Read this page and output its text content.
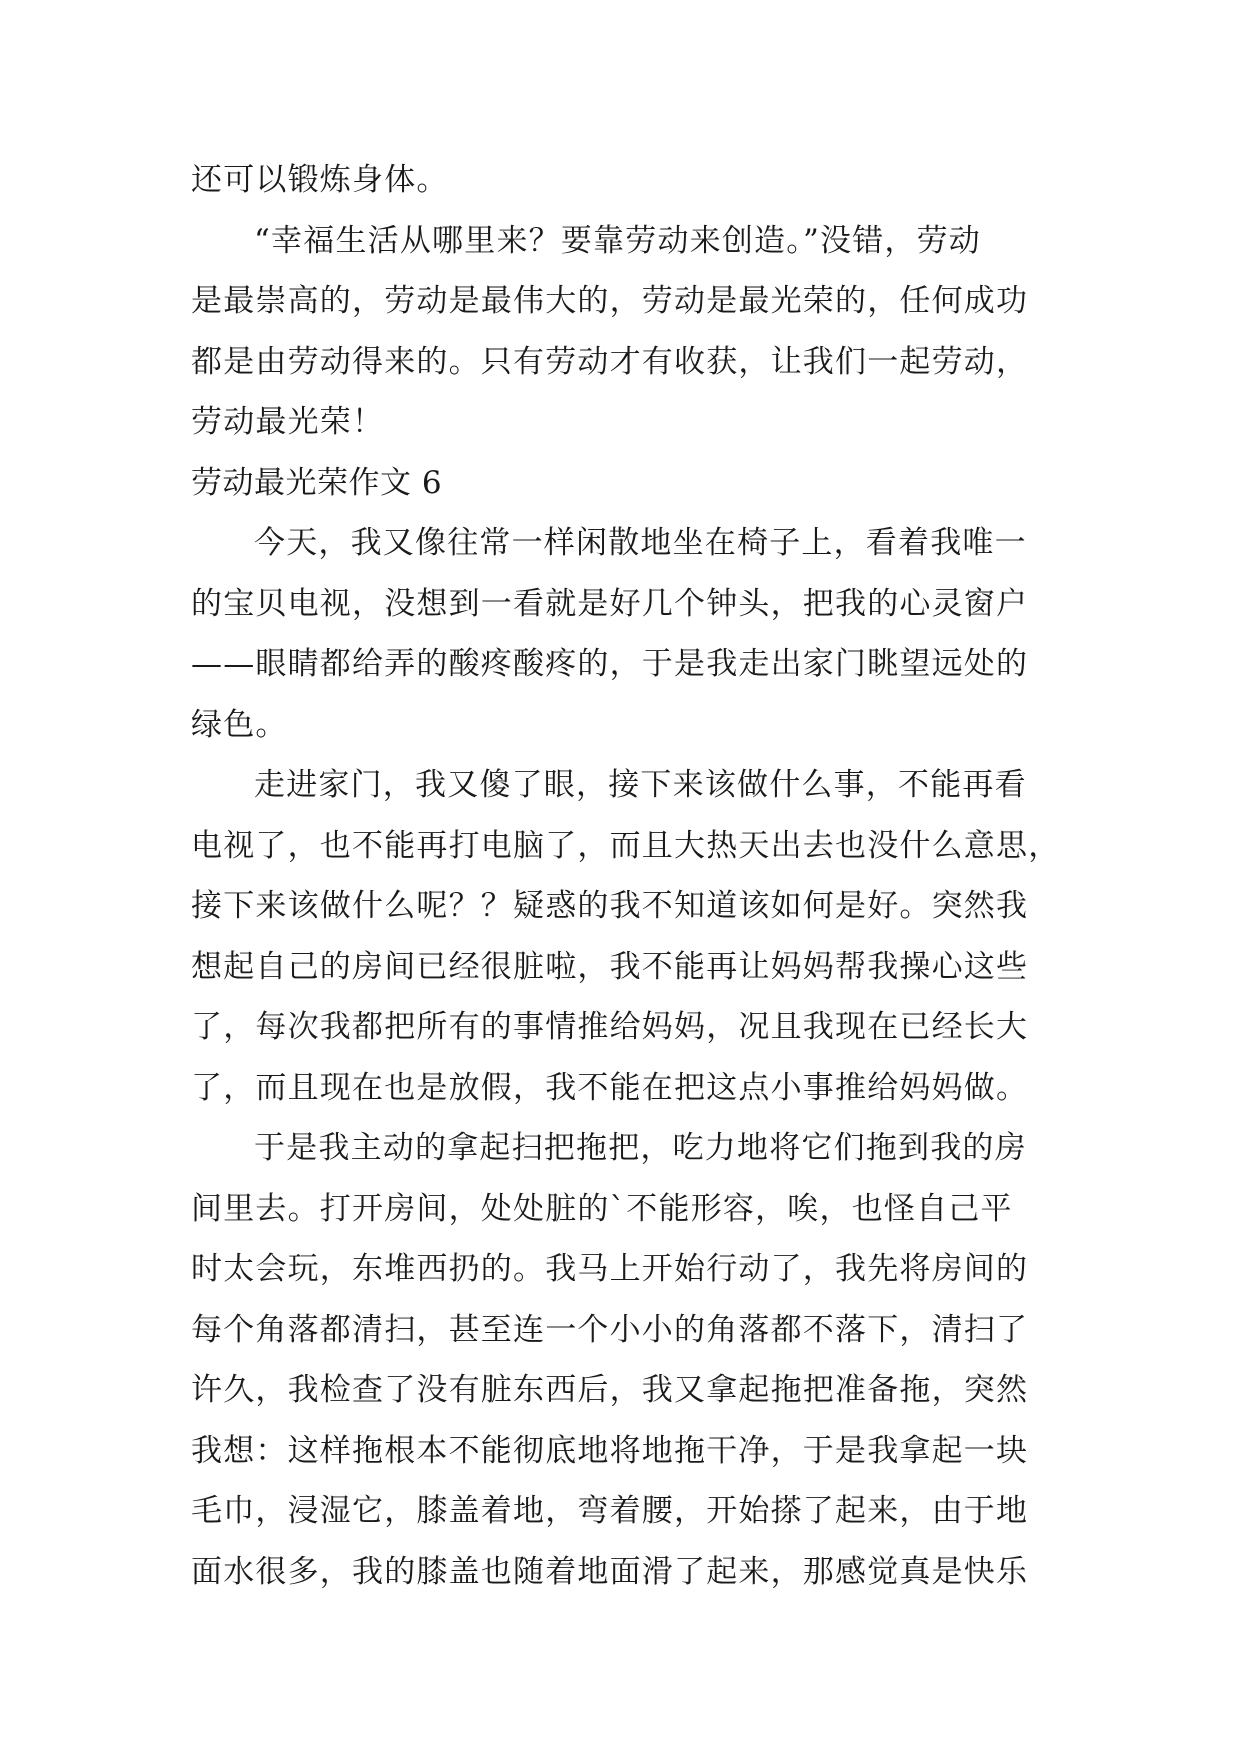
还可以锻炼身体。
“幸福生活从哪里来？要靠劳动来创造。”没错，劳动
是最崇高的，劳动是最伟大的，劳动是最光荣的，任何成功
都是由劳动得来的。只有劳动才有收获，让我们一起劳动，
劳动最光荣！
劳动最光荣作文 6
今天，我又像往常一样闲散地坐在椅子上，看着我唯一
的宝贝电视，没想到一看就是好几个钟头，把我的心灵窗户
——眼睛都给弄的酸疼酸疼的，于是我走出家门眺望远处的
绿色。
走进家门，我又傻了眼，接下来该做什么事，不能再看
电视了，也不能再打电脑了，而且大热天出去也没什么意思，
接下来该做什么呢？？疑惑的我不知道该如何是好。突然我
想起自己的房间已经很脏啦，我不能再让妈妈帮我操心这些
了，每次我都把所有的事情推给妈妈，况且我现在已经长大
了，而且现在也是放假，我不能在把这点小事推给妈妈做。
于是我主动的拿起扫把拖把，吃力地将它们拖到我的房
间里去。打开房间，处处脏的`不能形容，唉，也怪自己平
时太会玩，东堆西扔的。我马上开始行动了，我先将房间的
每个角落都清扫，甚至连一个小小的角落都不落下，清扫了
许久，我检查了没有脏东西后，我又拿起拖把准备拖，突然
我想：这样拖根本不能彻底地将地拖干净，于是我拿起一块
毛巾，浸湿它，膝盖着地，弯着腰，开始搽了起来，由于地
面水很多，我的膝盖也随着地面滑了起来，那感觉真是快乐
